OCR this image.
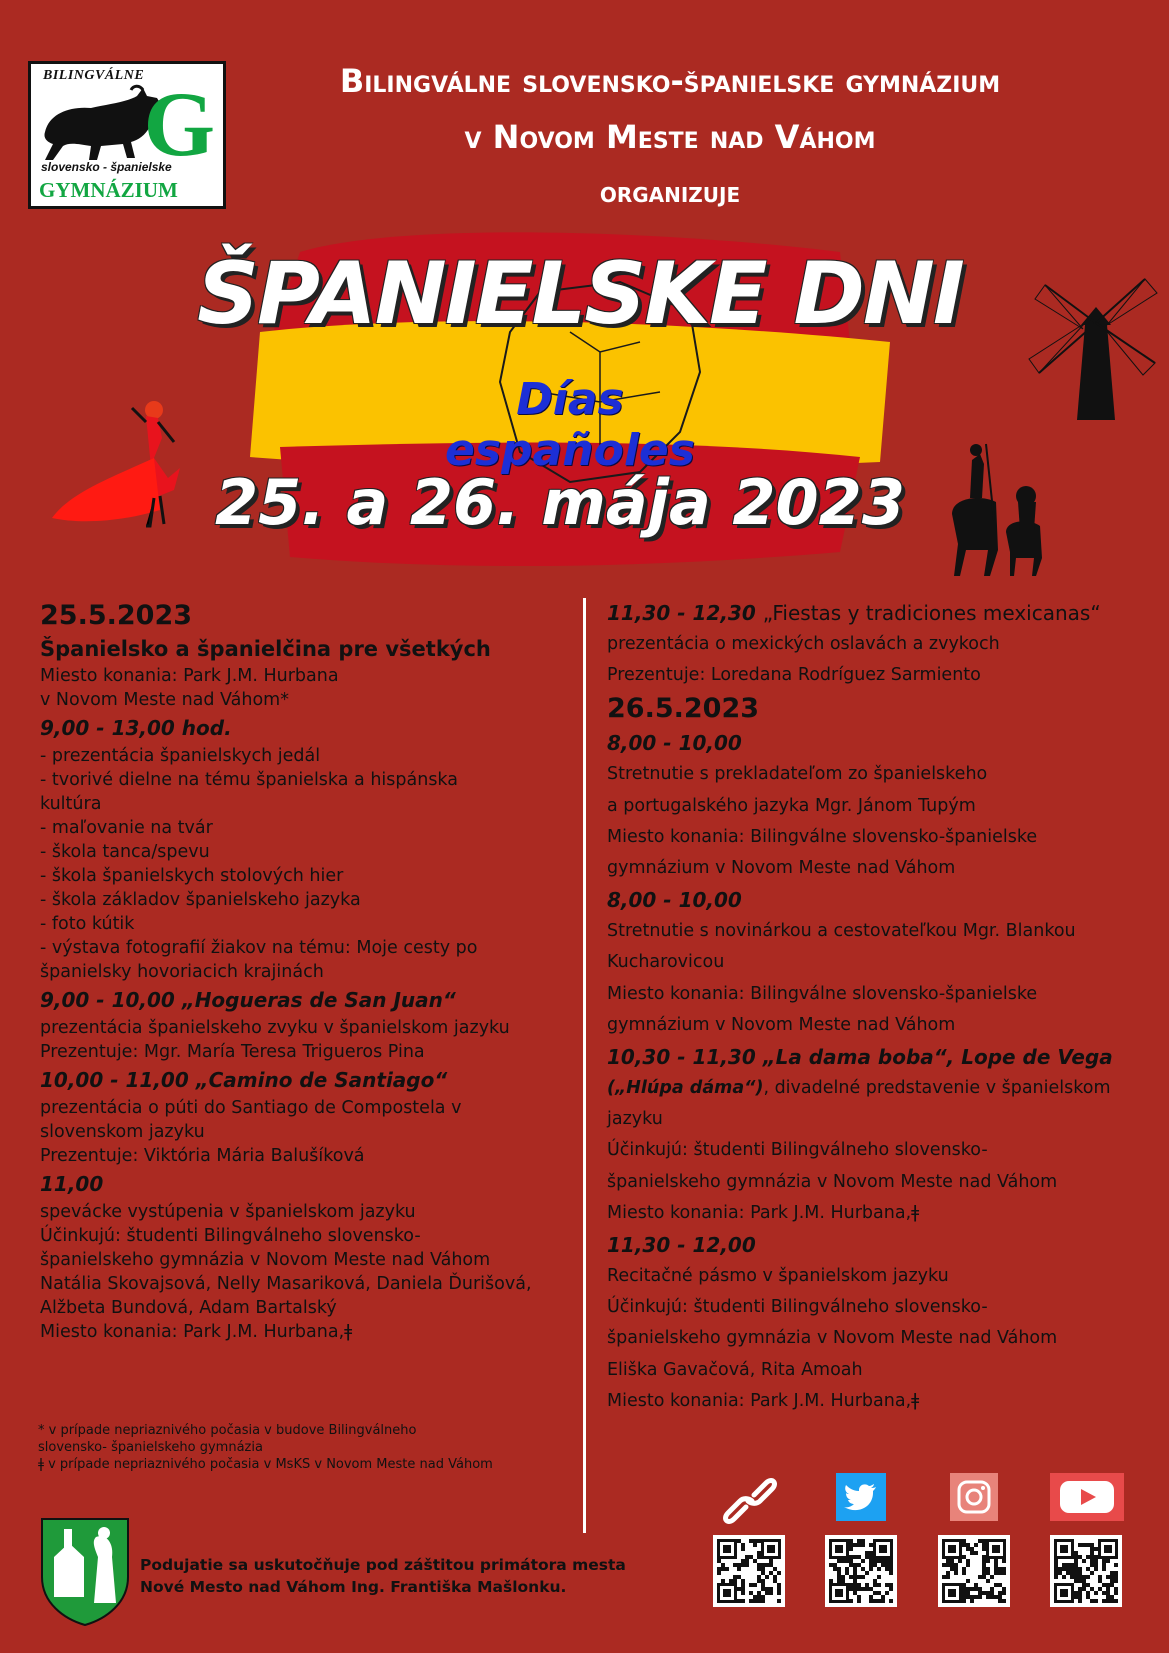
BILINGVÁLNE G
slovensko - španielske
GYMNÁZIUM
Bilingválne slovensko-španielske gymnázium
v Novom Meste nad Váhom
organizuje
ŠPANIELSKE DNI
Días españoles
25. a 26. mája 2023
25.5.2023
Španielsko a španielčina pre všetkých
Miesto konania: Park J.M. Hurbana
v Novom Meste nad Váhom*
9,00 - 13,00 hod.
- prezentácia španielskych jedál
- tvorivé dielne na tému španielska a hispánska
kultúra
- maľovanie na tvár
- škola tanca/spevu
- škola španielskych stolových hier
- škola základov španielskeho jazyka
- foto kútik
- výstava fotografií žiakov na tému: Moje cesty po
španielsky hovoriacich krajinách
9,00 - 10,00 „Hogueras de San Juan“
prezentácia španielskeho zvyku v španielskom jazyku
Prezentuje: Mgr. María Teresa Trigueros Pina
10,00 - 11,00 „Camino de Santiago“
prezentácia o púti do Santiago de Compostela v
slovenskom jazyku
Prezentuje: Viktória Mária Balušíková
11,00
spevácke vystúpenia v španielskom jazyku
Účinkujú: študenti Bilingválneho slovensko-
španielskeho gymnázia v Novom Meste nad Váhom
Natália Skovajsová, Nelly Masariková, Daniela Ďurišová,
Alžbeta Bundová, Adam Bartalský
Miesto konania: Park J.M. Hurbana,ǂ
11,30 - 12,30 „Fiestas y tradiciones mexicanas“
prezentácia o mexických oslavách a zvykoch
Prezentuje: Loredana Rodríguez Sarmiento
26.5.2023
8,00 - 10,00
Stretnutie s prekladateľom zo španielskeho
a portugalského jazyka Mgr. Jánom Tupým
Miesto konania: Bilingválne slovensko-španielske
gymnázium v Novom Meste nad Váhom
8,00 - 10,00
Stretnutie s novinárkou a cestovateľkou Mgr. Blankou
Kucharovicou
Miesto konania: Bilingválne slovensko-španielske
gymnázium v Novom Meste nad Váhom
10,30 - 11,30 „La dama boba“, Lope de Vega
(„Hlúpa dáma“), divadelné predstavenie v španielskom
jazyku
Účinkujú: študenti Bilingválneho slovensko-
španielskeho gymnázia v Novom Meste nad Váhom
Miesto konania: Park J.M. Hurbana,ǂ
11,30 - 12,00
Recitačné pásmo v španielskom jazyku
Účinkujú: študenti Bilingválneho slovensko-
španielskeho gymnázia v Novom Meste nad Váhom
Eliška Gavačová, Rita Amoah
Miesto konania: Park J.M. Hurbana,ǂ
* v prípade nepriaznivého počasia v budove Bilingválneho
slovensko- španielskeho gymnázia
ǂ v prípade nepriaznivého počasia v MsKS v Novom Meste nad Váhom
Podujatie sa uskutočňuje pod záštitou primátora mesta
Nové Mesto nad Váhom Ing. Františka Mašlonku.
